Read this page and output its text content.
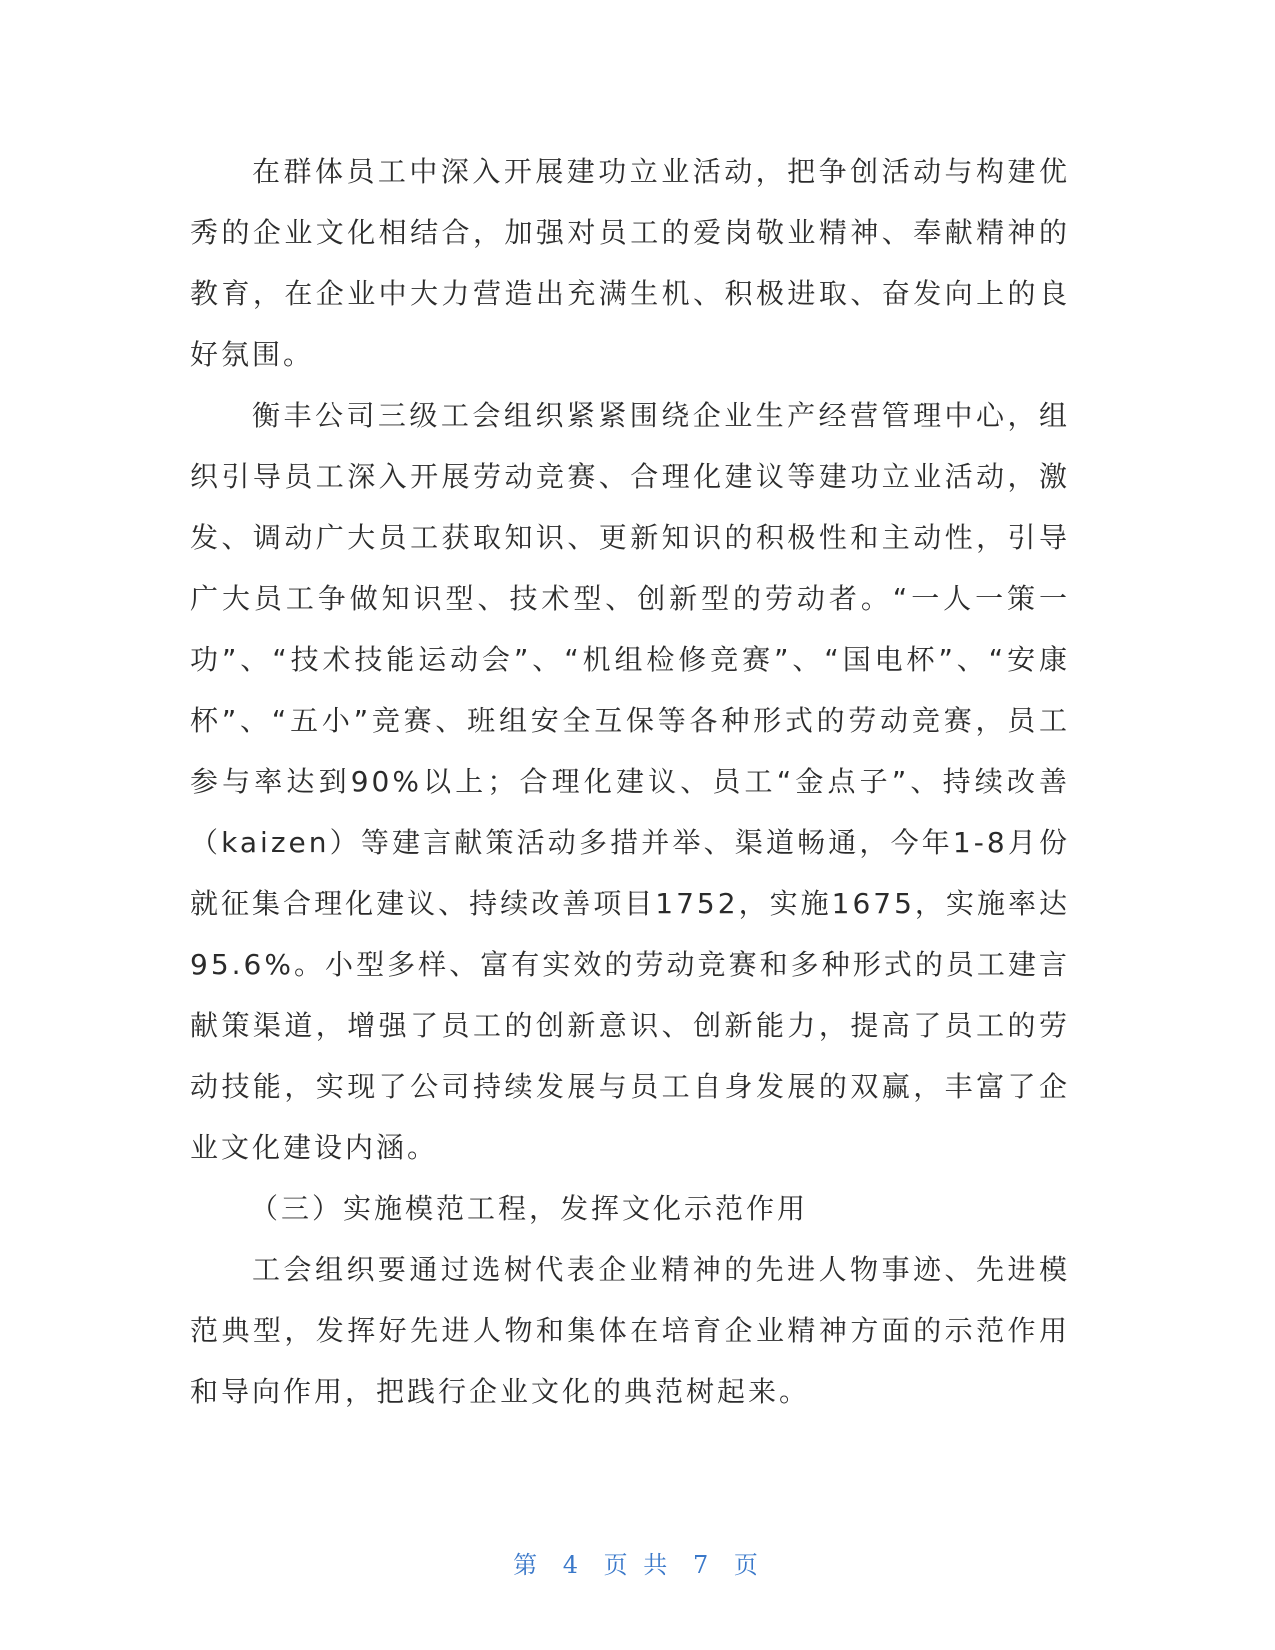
在群体员工中深入开展建功立业活动，把争创活动与构建优秀的企业文化相结合，加强对员工的爱岗敬业精神、奉献精神的教育，在企业中大力营造出充满生机、积极进取、奋发向上的良好氛围。

衡丰公司三级工会组织紧紧围绕企业生产经营管理中心，组织引导员工深入开展劳动竞赛、合理化建议等建功立业活动，激发、调动广大员工获取知识、更新知识的积极性和主动性，引导广大员工争做知识型、技术型、创新型的劳动者。“一人一策一功”、“技术技能运动会”、“机组检修竞赛”、“国电杯”、“安康杯”、“五小”竞赛、班组安全互保等各种形式的劳动竞赛，员工参与率达到90%以上；合理化建议、员工“金点子”、持续改善（kaizen）等建言献策活动多措并举、渠道畅通，今年1-8月份就征集合理化建议、持续改善项目1752，实施1675，实施率达95.6%。小型多样、富有实效的劳动竞赛和多种形式的员工建言献策渠道，增强了员工的创新意识、创新能力，提高了员工的劳动技能，实现了公司持续发展与员工自身发展的双赢，丰富了企业文化建设内涵。

（三）实施模范工程，发挥文化示范作用

工会组织要通过选树代表企业精神的先进人物事迹、先进模范典型，发挥好先进人物和集体在培育企业精神方面的示范作用和导向作用，把践行企业文化的典范树起来。

第 4 页 共 7 页
